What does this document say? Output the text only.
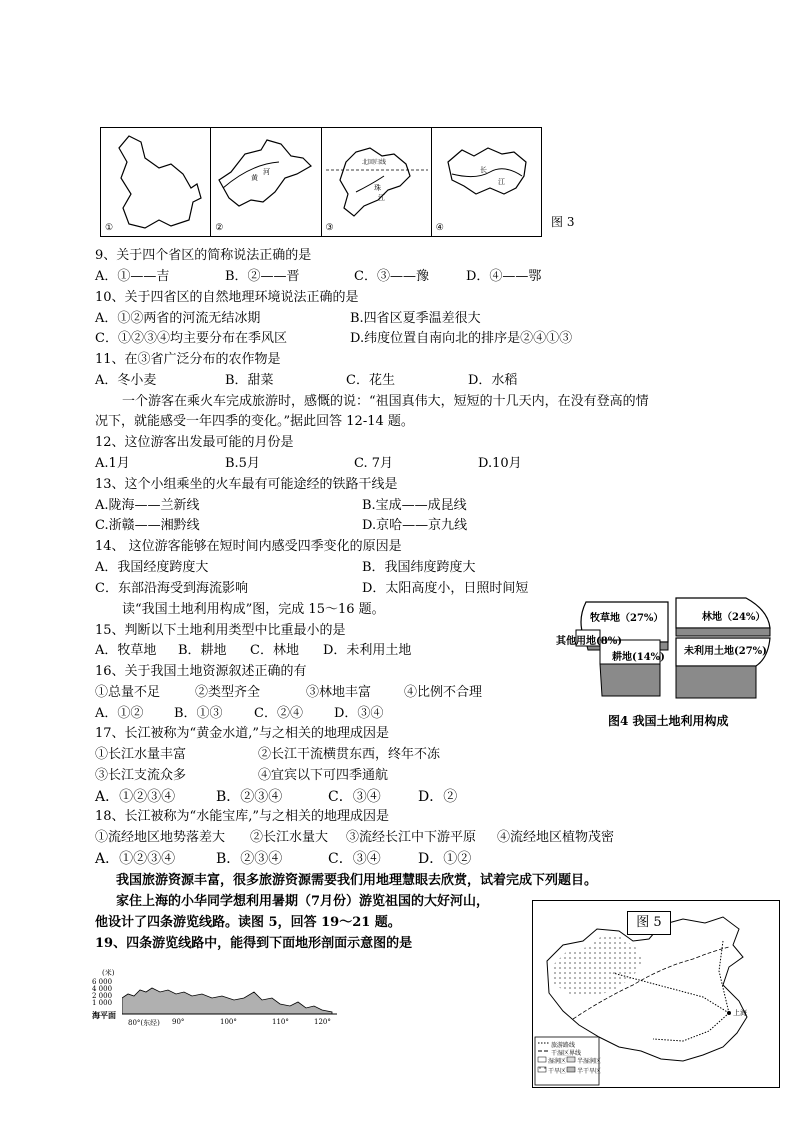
①
黄
河
②
北回归线
珠
江
③
长
江
④	图 3
9、关于四个省区的简称说法正确的是
A．①——吉	B．②——晋	C．③——豫	D．④——鄂
10、关于四省区的自然地理环境说法正确的是
A．①②两省的河流无结冰期	B.四省区夏季温差很大
C．①②③④均主要分布在季风区	D.纬度位置自南向北的排序是②④①③
11、在③省广泛分布的农作物是
A．冬小麦	B．甜菜	C．花生	D．水稻
一个游客在乘火车完成旅游时，感慨的说：“祖国真伟大，短短的十几天内，在没有登高的情
况下，就能感受一年四季的变化。”据此回答 12-14 题。
12、这位游客出发最可能的月份是
A.1月	B.5月	C. 7月	D.10月
13、这个小组乘坐的火车最有可能途经的铁路干线是
A.陇海——兰新线	B.宝成——成昆线
C.浙赣——湘黔线	D.京哈——京九线
14、 这位游客能够在短时间内感受四季变化的原因是
A．我国经度跨度大	B．我国纬度跨度大
C．东部沿海受到海流影响	D．太阳高度小，日照时间短
读“我国土地利用构成”图，完成 15～16 题。
15、判断以下土地利用类型中比重最小的是
A．牧草地 B．耕地 C．林地 D．未利用土地
16、关于我国土地资源叙述正确的有
①总量不足	②类型齐全	③林地丰富	④比例不合理
A．①② B．①③ C．②④ D．③④
17、长江被称为“黄金水道,”与之相关的地理成因是
①长江水量丰富	②长江干流横贯东西，终年不冻
③长江支流众多	④宜宾以下可四季通航
A．①②③④	B．②③④	C．③④	D．②
18、长江被称为“水能宝库,”与之相关的地理成因是
①流经地区地势落差大 ②长江水量大 ③流经长江中下游平原 ④流经地区植物茂密
A．①②③④	B．②③④	C．③④	D．①②
我国旅游资源丰富，很多旅游资源需要我们用地理慧眼去欣赏，试着完成下列题目。
家住上海的小华同学想利用暑期（7月份）游览祖国的大好河山，
他设计了四条游览线路。读图 5，回答 19～21 题。
19、四条游览线路中，能得到下面地形剖面示意图的是
牧草地（27%）	林地（24%）
其他用地(8%)
耕地(14%)
未利用土地(27%)
图4 我国土地利用构成
(米)
6 000
4 000
2 000
1 000
海平面
80°(东经) 90°	100°	110°	120°
图 5
上海
旅游路线
干湿区界线
湿润区 半湿润区
干旱区 半干旱区
